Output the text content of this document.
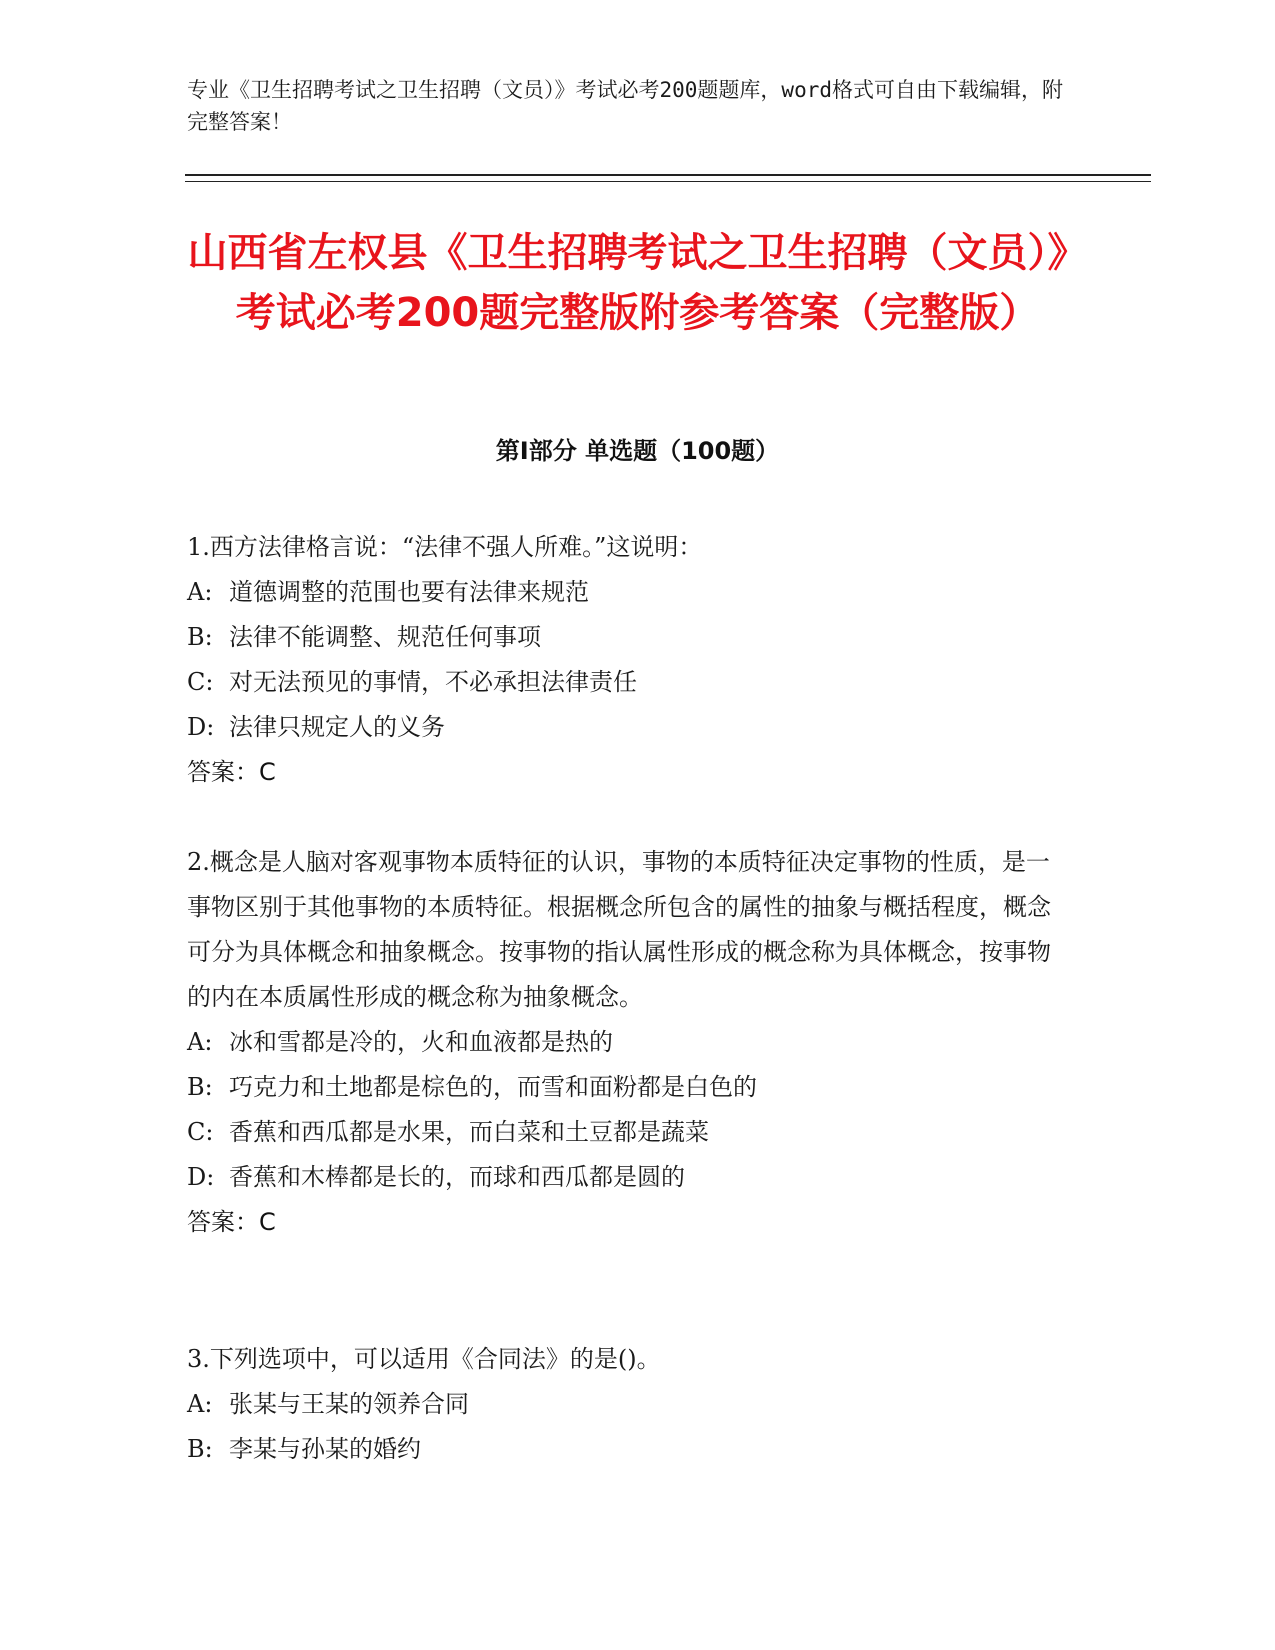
专业《卫生招聘考试之卫生招聘（文员）》考试必考200题题库，word格式可自由下载编辑，附完整答案！

山西省左权县《卫生招聘考试之卫生招聘（文员）》考试必考200题完整版附参考答案（完整版）
第I部分 单选题（100题）

1.西方法律格言说：“法律不强人所难。”这说明：

A: 道德调整的范围也要有法律来规范

B: 法律不能调整、规范任何事项

C: 对无法预见的事情，不必承担法律责任

D: 法律只规定人的义务

答案：C

2.概念是人脑对客观事物本质特征的认识，事物的本质特征决定事物的性质，是一事物区别于其他事物的本质特征。根据概念所包含的属性的抽象与概括程度，概念可分为具体概念和抽象概念。按事物的指认属性形成的概念称为具体概念，按事物的内在本质属性形成的概念称为抽象概念。

A: 冰和雪都是冷的，火和血液都是热的

B: 巧克力和土地都是棕色的，而雪和面粉都是白色的

C: 香蕉和西瓜都是水果，而白菜和土豆都是蔬菜

D: 香蕉和木棒都是长的，而球和西瓜都是圆的

答案：C

3.下列选项中，可以适用《合同法》的是()。

A: 张某与王某的领养合同

B: 李某与孙某的婚约
